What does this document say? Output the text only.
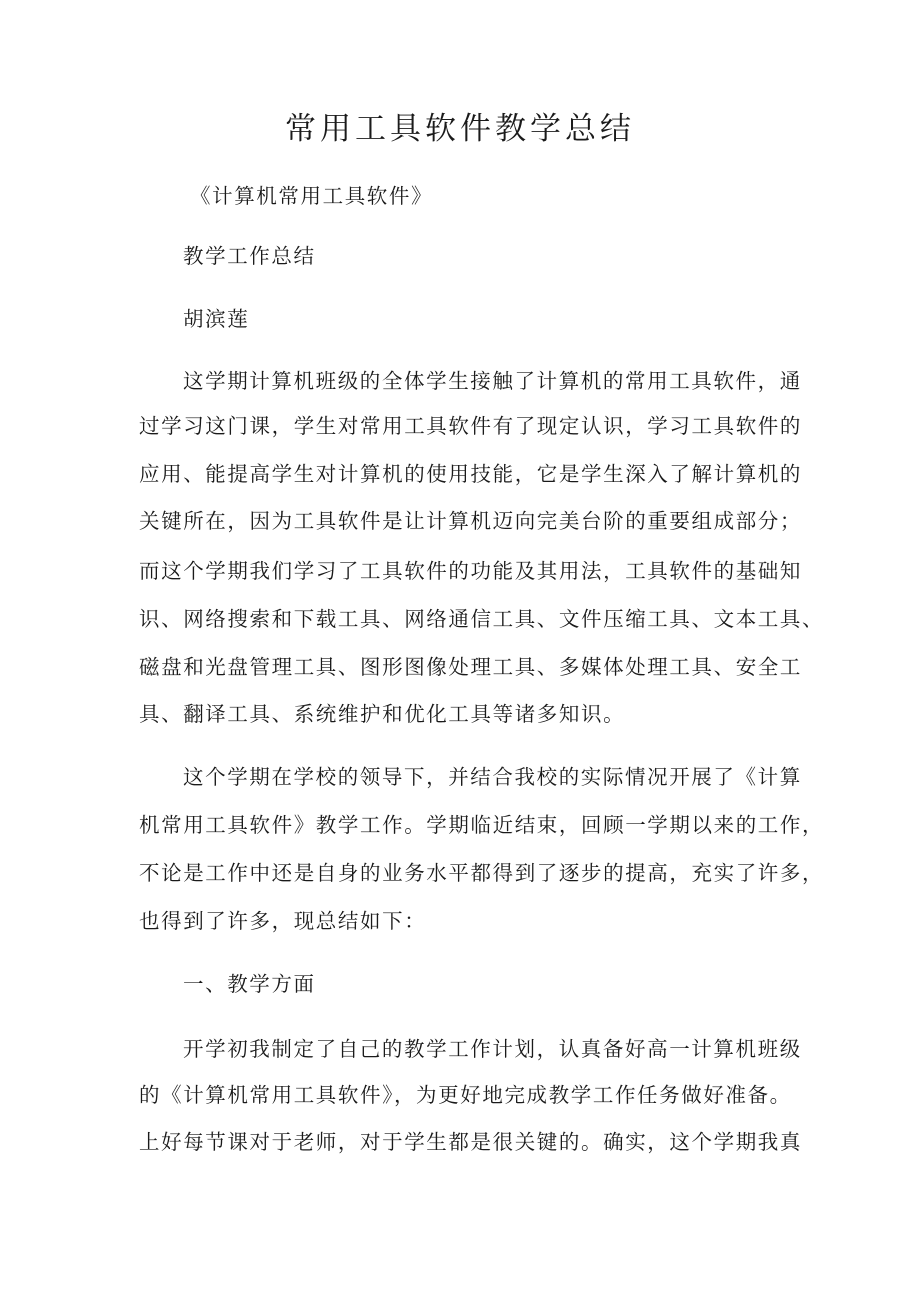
常用工具软件教学总结

《计算机常用工具软件》

教学工作总结

胡滨莲

这学期计算机班级的全体学生接触了计算机的常用工具软件，通

过学习这门课，学生对常用工具软件有了现定认识，学习工具软件的

应用、能提高学生对计算机的使用技能，它是学生深入了解计算机的

关键所在，因为工具软件是让计算机迈向完美台阶的重要组成部分；

而这个学期我们学习了工具软件的功能及其用法，工具软件的基础知

识、网络搜索和下载工具、网络通信工具、文件压缩工具、文本工具、

磁盘和光盘管理工具、图形图像处理工具、多媒体处理工具、安全工

具、翻译工具、系统维护和优化工具等诸多知识。

这个学期在学校的领导下，并结合我校的实际情况开展了《计算

机常用工具软件》教学工作。学期临近结束，回顾一学期以来的工作，

不论是工作中还是自身的业务水平都得到了逐步的提高，充实了许多，

也得到了许多，现总结如下：

一、教学方面

开学初我制定了自己的教学工作计划，认真备好高一计算机班级

的《计算机常用工具软件》，为更好地完成教学工作任务做好准备。

上好每节课对于老师，对于学生都是很关键的。确实，这个学期我真
